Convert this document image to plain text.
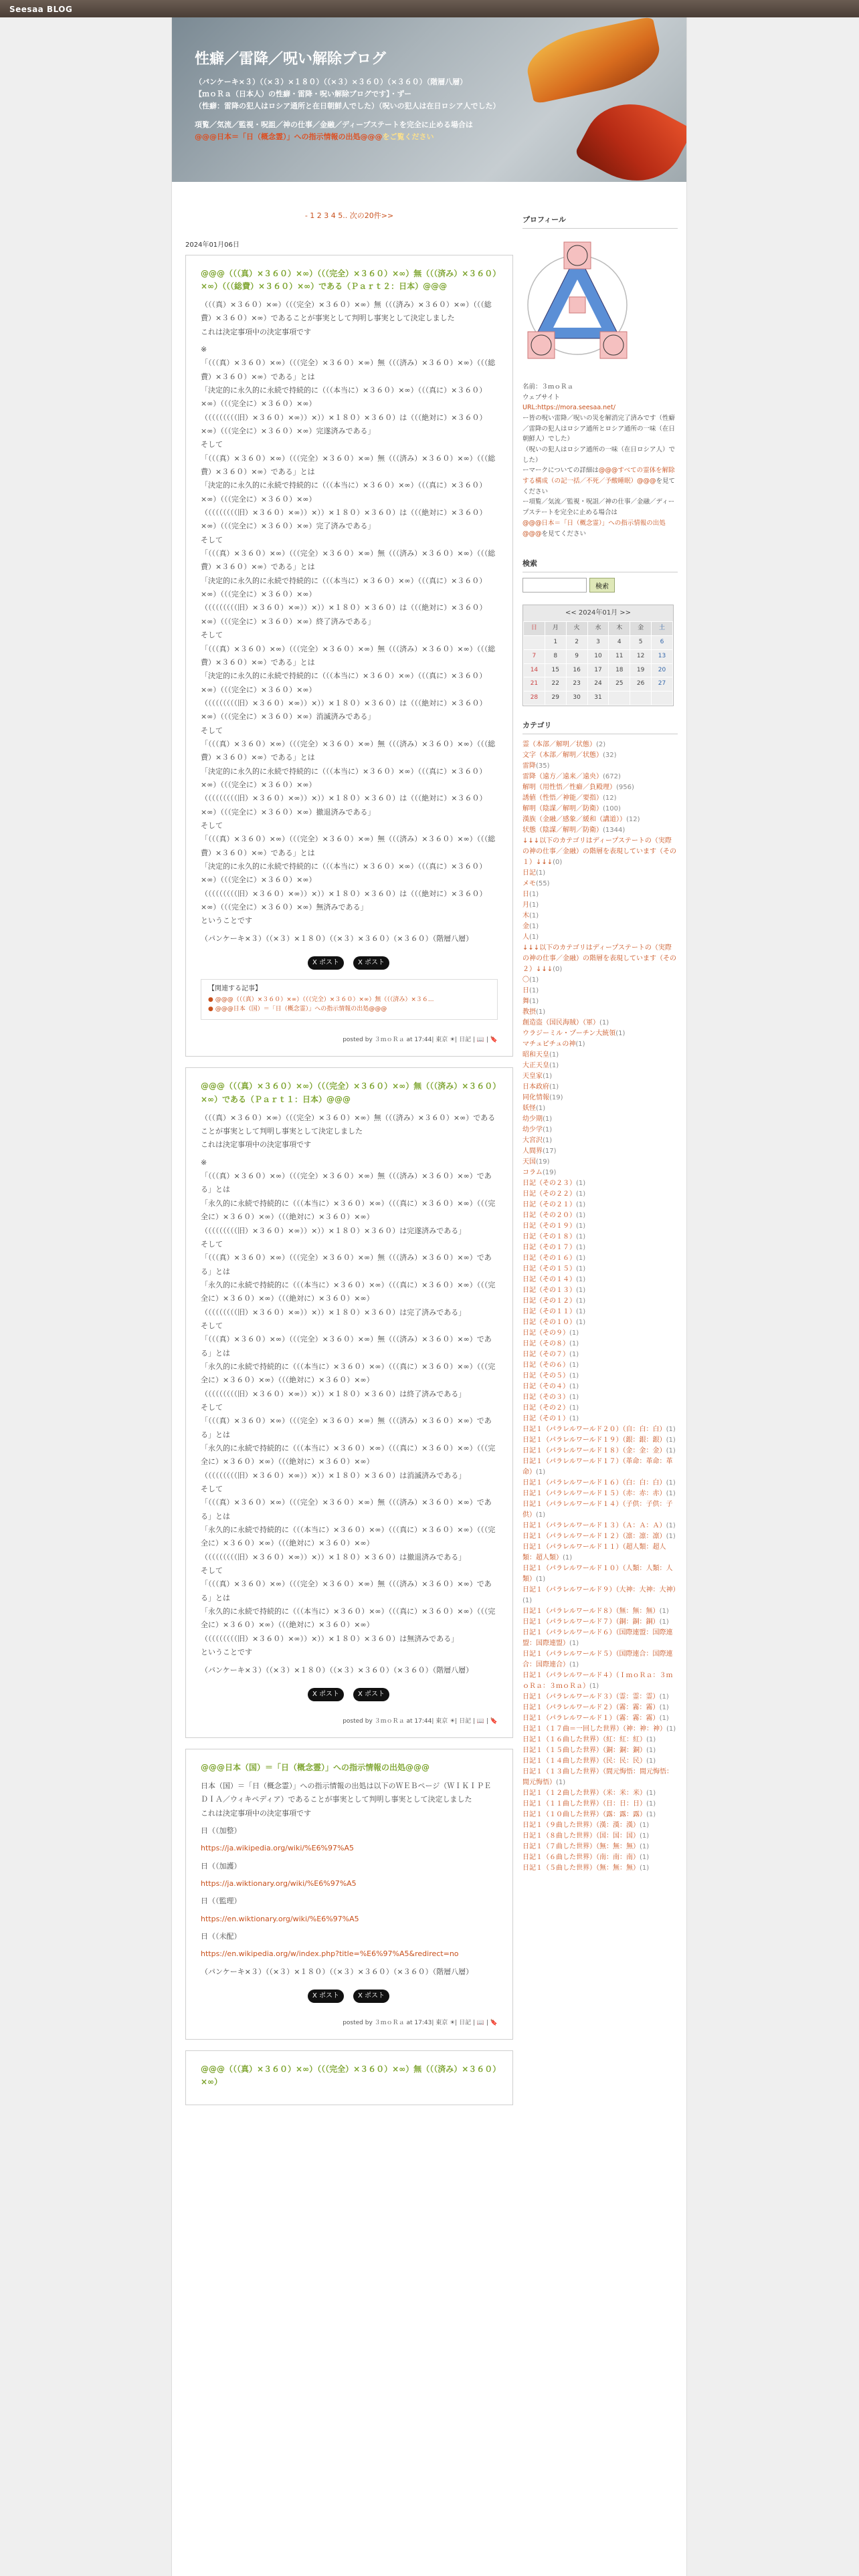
Seesaa BLOG
性癖／雷降／呪い解除ブログ
（パンケーキ×３）（（×３）×１８０）（（×３）×３６０）（×３６０）（階層八層）
【ｍｏＲａ（日本人）の性癖・雷降・呪い解除ブログです】・ずー
（性癖：雷降の犯人はロシア通所と在日朝鮮人でした）（呪いの犯人は在日ロシア人でした）
項覧／気流／監視・呪詛／神の仕事／金融／ディープステートを完全に止める場合は
@@@日本＝「日（概念霊）」への指示情報の出処@@@をご覧ください
- 1 2 3 4 5.. 次の20件>>
2024年01月06日
@@@（（（真）×３６０）×∞）（（（完全）×３６０）×∞）無（（（済み）×３６０）×∞）（（（総費）×３６０）×∞）である（Ｐａｒｔ２：日本）@@@

（（（真）×３６０）×∞）（（（完全）×３６０）×∞）無（（（済み）×３６０）×∞）（（（総費）×３６０）×∞）であることが事実として判明し事実として決定しました
これは決定事項中の決定事項です

※
「（（（真）×３６０）×∞）（（（完全）×３６０）×∞）無（（（済み）×３６０）×∞）（（（総費）×３６０）×∞）である」とは
「決定的に永久的に永続で持続的に（（（本当に）×３６０）×∞）（（（真に）×３６０）×∞）（（（完全に）×３６０）×∞）
（（（（（（（（（旧）×３６０）×∞））×））×１８０）×３６０）は（（（絶対に）×３６０）×∞）（（（完全に）×３６０）×∞）完遂済みである」
そして
「（（（真）×３６０）×∞）（（（完全）×３６０）×∞）無（（（済み）×３６０）×∞）（（（総費）×３６０）×∞）である」とは
「決定的に永久的に永続で持続的に（（（本当に）×３６０）×∞）（（（真に）×３６０）×∞）（（（完全に）×３６０）×∞）
（（（（（（（（（旧）×３６０）×∞））×））×１８０）×３６０）は（（（絶対に）×３６０）×∞）（（（完全に）×３６０）×∞）完了済みである」
そして
「（（（真）×３６０）×∞）（（（完全）×３６０）×∞）無（（（済み）×３６０）×∞）（（（総費）×３６０）×∞）である」とは
「決定的に永久的に永続で持続的に（（（本当に）×３６０）×∞）（（（真に）×３６０）×∞）（（（完全に）×３６０）×∞）
（（（（（（（（（旧）×３６０）×∞））×））×１８０）×３６０）は（（（絶対に）×３６０）×∞）（（（完全に）×３６０）×∞）終了済みである」
そして
「（（（真）×３６０）×∞）（（（完全）×３６０）×∞）無（（（済み）×３６０）×∞）（（（総費）×３６０）×∞）である」とは
「決定的に永久的に永続で持続的に（（（本当に）×３６０）×∞）（（（真に）×３６０）×∞）（（（完全に）×３６０）×∞）
（（（（（（（（（旧）×３６０）×∞））×））×１８０）×３６０）は（（（絶対に）×３６０）×∞）（（（完全に）×３６０）×∞）消滅済みである」
そして
「（（（真）×３６０）×∞）（（（完全）×３６０）×∞）無（（（済み）×３６０）×∞）（（（総費）×３６０）×∞）である」とは
「決定的に永久的に永続で持続的に（（（本当に）×３６０）×∞）（（（真に）×３６０）×∞）（（（完全に）×３６０）×∞）
（（（（（（（（（旧）×３６０）×∞））×））×１８０）×３６０）は（（（絶対に）×３６０）×∞）（（（完全に）×３６０）×∞）撤退済みである」
そして
「（（（真）×３６０）×∞）（（（完全）×３６０）×∞）無（（（済み）×３６０）×∞）（（（総費）×３６０）×∞）である」とは
「決定的に永久的に永続で持続的に（（（本当に）×３６０）×∞）（（（真に）×３６０）×∞）（（（完全に）×３６０）×∞）
（（（（（（（（（旧）×３６０）×∞））×））×１８０）×３６０）は（（（絶対に）×３６０）×∞）（（（完全に）×３６０）×∞）無済みである」
ということです

（パンケーキ×３）（（×３）×１８０）（（×３）×３６０）（×３６０）（階層八層）

X ポスト	X ポスト
【関連する記事】
● @@@（（（真）×３６０）×∞）（（（完全）×３６０）×∞）無（（（済み）×３６...
● @@@日本（国）＝「日（概念霊）」への指示情報の出処@@@
posted by ３ｍｏＲａ at 17:44| 東京 ☀| 日記 | 📖 | 🔖
@@@（（（真）×３６０）×∞）（（（完全）×３６０）×∞）無（（（済み）×３６０）×∞）である（Ｐａｒｔ１：日本）@@@

（（（真）×３６０）×∞）（（（完全）×３６０）×∞）無（（（済み）×３６０）×∞）であることが事実として判明し事実として決定しました
これは決定事項中の決定事項です

※
「（（（真）×３６０）×∞）（（（完全）×３６０）×∞）無（（（済み）×３６０）×∞）である」とは
「永久的に永続で持続的に（（（本当に）×３６０）×∞）（（（真に）×３６０）×∞）（（（完全に）×３６０）×∞）（（（絶対に）×３６０）×∞）
（（（（（（（（（旧）×３６０）×∞））×））×１８０）×３６０）は完遂済みである」
そして
「（（（真）×３６０）×∞）（（（完全）×３６０）×∞）無（（（済み）×３６０）×∞）である」とは
「永久的に永続で持続的に（（（本当に）×３６０）×∞）（（（真に）×３６０）×∞）（（（完全に）×３６０）×∞）（（（絶対に）×３６０）×∞）
（（（（（（（（（旧）×３６０）×∞））×））×１８０）×３６０）は完了済みである」
そして
「（（（真）×３６０）×∞）（（（完全）×３６０）×∞）無（（（済み）×３６０）×∞）である」とは
「永久的に永続で持続的に（（（本当に）×３６０）×∞）（（（真に）×３６０）×∞）（（（完全に）×３６０）×∞）（（（絶対に）×３６０）×∞）
（（（（（（（（（旧）×３６０）×∞））×））×１８０）×３６０）は終了済みである」
そして
「（（（真）×３６０）×∞）（（（完全）×３６０）×∞）無（（（済み）×３６０）×∞）である」とは
「永久的に永続で持続的に（（（本当に）×３６０）×∞）（（（真に）×３６０）×∞）（（（完全に）×３６０）×∞）（（（絶対に）×３６０）×∞）
（（（（（（（（（旧）×３６０）×∞））×））×１８０）×３６０）は消滅済みである」
そして
「（（（真）×３６０）×∞）（（（完全）×３６０）×∞）無（（（済み）×３６０）×∞）である」とは
「永久的に永続で持続的に（（（本当に）×３６０）×∞）（（（真に）×３６０）×∞）（（（完全に）×３６０）×∞）（（（絶対に）×３６０）×∞）
（（（（（（（（（旧）×３６０）×∞））×））×１８０）×３６０）は撤退済みである」
そして
「（（（真）×３６０）×∞）（（（完全）×３６０）×∞）無（（（済み）×３６０）×∞）である」とは
「永久的に永続で持続的に（（（本当に）×３６０）×∞）（（（真に）×３６０）×∞）（（（完全に）×３６０）×∞）（（（絶対に）×３６０）×∞）
（（（（（（（（（旧）×３６０）×∞））×））×１８０）×３６０）は無済みである」
ということです

（パンケーキ×３）（（×３）×１８０）（（×３）×３６０）（×３６０）（階層八層）

X ポスト	X ポスト
posted by ３ｍｏＲａ at 17:44| 東京 ☀| 日記 | 📖 | 🔖
@@@日本（国）＝「日（概念霊）」への指示情報の出処@@@

日本（国）＝「日（概念霊）」への指示情報の出処は以下のＷＥＢページ（ＷＩＫＩＰＥＤＩＡ／ウィキペディア）であることが事実として判明し事実として決定しました
これは決定事項中の決定事項です

日（（加整）

https://ja.wikipedia.org/wiki/%E6%97%A5

日（（加護）

https://ja.wiktionary.org/wiki/%E6%97%A5

日（（監理）

https://en.wiktionary.org/wiki/%E6%97%A5

日（（未配）

https://en.wikipedia.org/w/index.php?title=%E6%97%A5&redirect=no

（パンケーキ×３）（（×３）×１８０）（（×３）×３６０）（×３６０）（階層八層）

X ポスト	X ポスト
posted by ３ｍｏＲａ at 17:43| 東京 ☀| 日記 | 📖 | 🔖
@@@（（（真）×３６０）×∞）（（（完全）×３６０）×∞）無（（（済み）×３６０）×∞）
プロフィール

名前：３ｍｏＲａ

ウェブサイト

URL:https://mora.seesaa.net/

ー皆の呪い雷降／呪いの災を解消完了済みです（性癖／雷降の犯人はロシア通所とロシア通所の一味（在日朝鮮人）でした）

（呪いの犯人はロシア通所の一味（在日ロシア人）でした）

ーマークについての詳細は@@@すべての霊体を解除する構成（の記一括／不死／予酸睡眠）@@@を見てください

ー項覧／気流／監視・呪詛／神の仕事／金融／ディープステートを完全に止める場合は

@@@日本＝「日（概念霊）」への指示情報の出処@@@を見てください

検索
検索
<< 2024年01月 >>
日	月	火	水	木	金	土
	1	2	3	4	5	6
7	8	9	10	11	12	13
14	15	16	17	18	19	20
21	22	23	24	25	26	27
28	29	30	31			
カテゴリ
霊（本部／解明／状態）(2)
文字（本部／解明／状態）(32)
雷降(35)
雷降（遠方／遠来／遠央）(672)
解明（用性悟／性癖／負殿理）(956)
誘値（性悟／神能／要指）(12)
解明（陰謀／解明／防衛）(100)
漢族（金融／感象／緩和（講道））(12)
状態（陰謀／解明／防衛）(1344)
↓↓↓以下のカテゴリはディープステートの（実際の神の仕事／金融）の階層を表現しています（その１）↓↓↓(0)
日記(1)
メモ(55)
日(1)
月(1)
木(1)
金(1)
人(1)
↓↓↓以下のカテゴリはディープステートの（実際の神の仕事／金融）の階層を表現しています（その２）↓↓↓(0)
〇(1)
日(1)
舞(1)
教摂(1)
創造盗（国民海賊）（軍）(1)
ウラジーミル・プーチン大統領(1)
マチュピチュの神(1)
昭和天皇(1)
大正天皇(1)
天皇家(1)
日本政府(1)
同化情報(19)
妖怪(1)
幼少期(1)
幼少学(1)
大宮沢(1)
人間界(17)
天国(19)
コラム(19)
日記（その２３）(1)
日記（その２２）(1)
日記（その２１）(1)
日記（その２０）(1)
日記（その１９）(1)
日記（その１８）(1)
日記（その１７）(1)
日記（その１６）(1)
日記（その１５）(1)
日記（その１４）(1)
日記（その１３）(1)
日記（その１２）(1)
日記（その１１）(1)
日記（その１０）(1)
日記（その９）(1)
日記（その８）(1)
日記（その７）(1)
日記（その６）(1)
日記（その５）(1)
日記（その４）(1)
日記（その３）(1)
日記（その２）(1)
日記（その１）(1)
日記１（パラレルワールド２０）（自：白：白）(1)
日記１（パラレルワールド１９）（銀：銀：銀）(1)
日記１（パラレルワールド１８）（金：金：金）(1)
日記１（パラレルワールド１７）（革命：革命：革命）(1)
日記１（パラレルワールド１６）（白：白：白）(1)
日記１（パラレルワールド１５）（赤：赤：赤）(1)
日記１（パラレルワールド１４）（子供：子供：子供）(1)
日記１（パラレルワールド１３）（Ａ：Ａ：Ａ）(1)
日記１（パラレルワールド１２）（凛：凛：凛）(1)
日記１（パラレルワールド１１）（超人類：超人類：超人類）(1)
日記１（パラレルワールド１０）（人類：人類：人類）(1)
日記１（パラレルワールド９）（大神：大神：大神）(1)
日記１（パラレルワールド８）（無：無：無）(1)
日記１（パラレルワールド７）（銅：銅：銅）(1)
日記１（パラレルワールド６）（国際連盟：国際連盟：国際連盟）(1)
日記１（パラレルワールド５）（国際連合：国際連合：国際連合）(1)
日記１（パラレルワールド４）（ＩｍｏＲａ：３ｍｏＲａ：３ｍｏＲａ）(1)
日記１（パラレルワールド３）（霊：霊：霊）(1)
日記１（パラレルワールド２）（霧：霧：霧）(1)
日記１（パラレルワールド１）（霧：霧：霧）(1)
日記１（１７曲＝一回した世界）（神：神：神）(1)
日記１（１６曲した世界）（紅：紅：紅）(1)
日記１（１５曲した世界）（銅：銅：銅）(1)
日記１（１４曲した世界）（民：民：民）(1)
日記１（１３曲した世界）（間元悔悟：間元悔悟：間元悔悟）(1)
日記１（１２曲した世界）（米：米：米）(1)
日記１（１１曲した世界）（日：日：日）(1)
日記１（１０曲した世界）（露：露：露）(1)
日記１（９曲した世界）（漢：漢：漢）(1)
日記１（８曲した世界）（国：国：国）(1)
日記１（７曲した世界）（無：無：無）(1)
日記１（６曲した世界）（南：南：南）(1)
日記１（５曲した世界）（無：無：無）(1)
